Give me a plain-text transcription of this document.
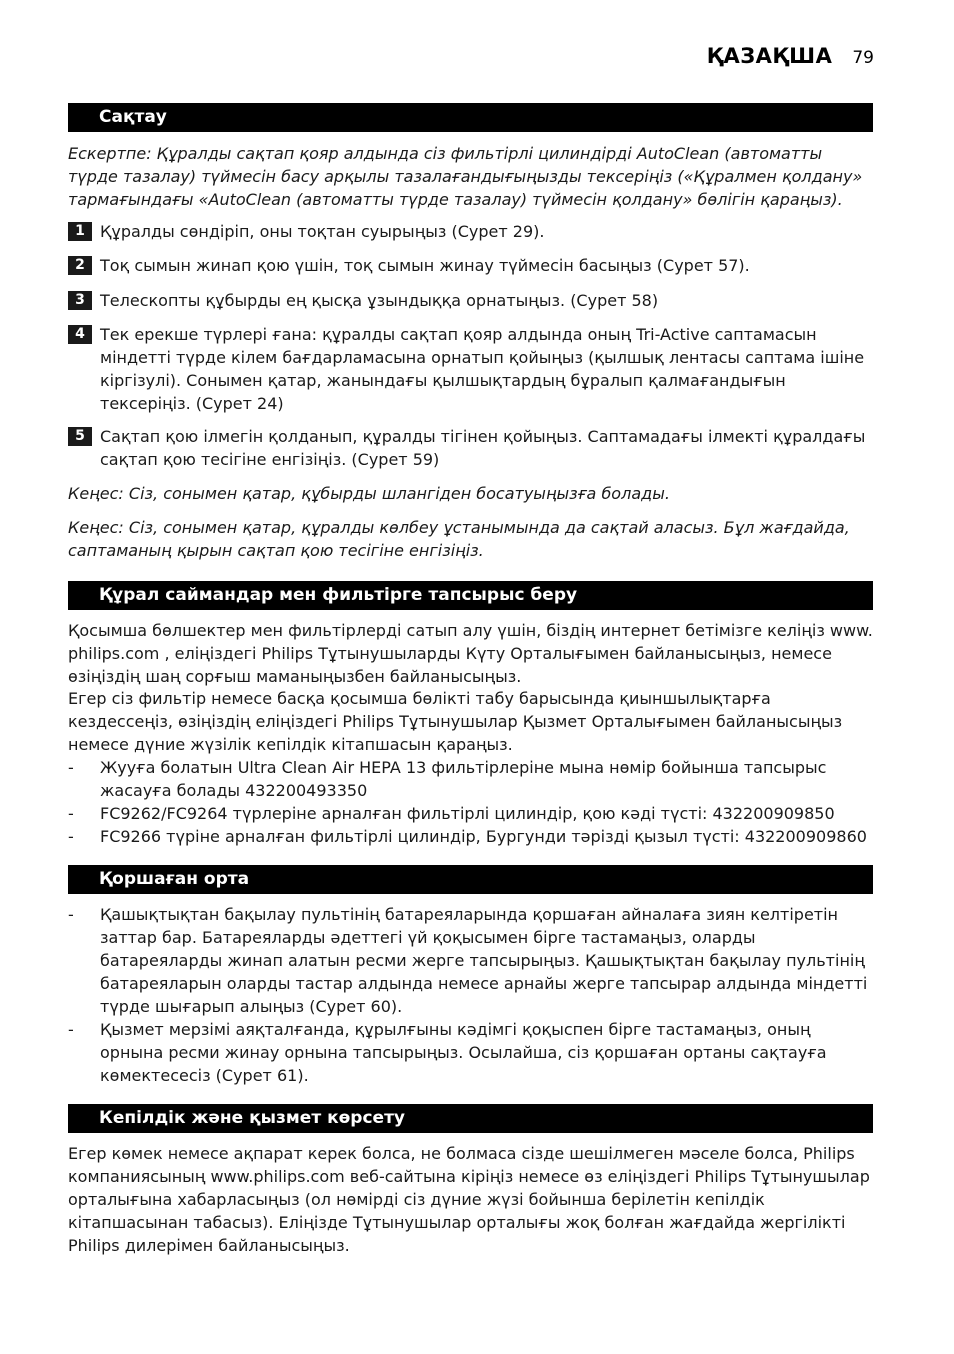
ҚАЗАҚША 79
Сақтау
Ескертпе: Құралды сақтап қояр алдында сіз фильтірлі цилиндірді AutoClean (автоматты түрде тазалау) түймесін басу арқылы тазалағандығыңызды тексеріңіз («Құралмен қолдану» тармағындағы «AutoClean (автоматты түрде тазалау) түймесін қолдану» бөлігін қараңыз).
1 Құралды сөндіріп, оны тоқтан суырыңыз (Сурет 29).
2 Тоқ сымын жинап қою үшін, тоқ сымын жинау түймесін басыңыз (Сурет 57).
3 Телескопты құбырды ең қысқа ұзындыққа орнатыңыз. (Сурет 58)
4 Тек ерекше түрлері ғана: құралды сақтап қояр алдында оның Tri-Active саптамасын міндетті түрде кілем бағдарламасына орнатып қойыңыз (қылшық лентасы саптама ішіне кіргізулі). Сонымен қатар, жанындағы қылшықтардың бұралып қалмағандығын тексеріңіз. (Сурет 24)
5 Сақтап қою ілмегін қолданып, құралды тігінен қойыңыз. Саптамадағы ілмекті құралдағы сақтап қою тесігіне енгізіңіз. (Сурет 59)
Кеңес: Сіз, сонымен қатар, құбырды шлангіден босатуыңызға болады.
Кеңес: Сіз, сонымен қатар, құралды көлбеу ұстанымында да сақтай аласыз. Бұл жағдайда, саптаманың қырын сақтап қою тесігіне енгізіңіз.
Құрал саймандар мен фильтірге тапсырыс беру
Қосымша бөлшектер мен фильтірлерді сатып алу үшін, біздің интернет бетімізге келіңіз www. philips.com , еліңіздегі Philips Тұтынушыларды Күту Орталығымен байланысыңыз, немесе өзіңіздің шаң сорғыш маманыңызбен байланысыңыз.
Егер сіз фильтір немесе басқа қосымша бөлікті табу барысында қиыншылықтарға кездессеңіз, өзіңіздің еліңіздегі Philips Тұтынушылар Қызмет Орталығымен байланысыңыз немесе дүние жүзілік кепілдік кітапшасын қараңыз.
-	Жууға болатын Ultra Clean Air HEPA 13 фильтірлеріне мына нөмір бойынша тапсырыс жасауға болады 432200493350
-	FC9262/FC9264 түрлеріне арналған фильтірлі цилиндір, қою кәді түсті: 432200909850
-	FC9266 түріне арналған фильтірлі цилиндір, Бургунди тәрізді қызыл түсті: 432200909860
Қоршаған орта
-	Қашықтықтан бақылау пультінің батареяларында қоршаған айналаға зиян келтіретін заттар бар. Батареяларды әдеттегі үй қоқысымен бірге тастамаңыз, оларды батареяларды жинап алатын ресми жерге тапсырыңыз. Қашықтықтан бақылау пультінің батареяларын оларды тастар алдында немесе арнайы жерге тапсырар алдында міндетті түрде шығарып алыңыз (Сурет 60).
-	Қызмет мерзімі аяқталғанда, құрылғыны кәдімгі қоқыспен бірге тастамаңыз, оның орнына ресми жинау орнына тапсырыңыз. Осылайша, сіз қоршаған ортаны сақтауға көмектесесіз (Сурет 61).
Кепілдік және қызмет көрсету
Егер көмек немесе ақпарат керек болса, не болмаса сізде шешілмеген мәселе болса, Philips компаниясының www.philips.com веб-сайтына кіріңіз немесе өз еліңіздегі Philips Тұтынушылар орталығына хабарласыңыз (ол нөмірді сіз дүние жүзі бойынша берілетін кепілдік кітапшасынан табасыз). Еліңізде Тұтынушылар орталығы жоқ болған жағдайда жергілікті Philips дилерімен байланысыңыз.
